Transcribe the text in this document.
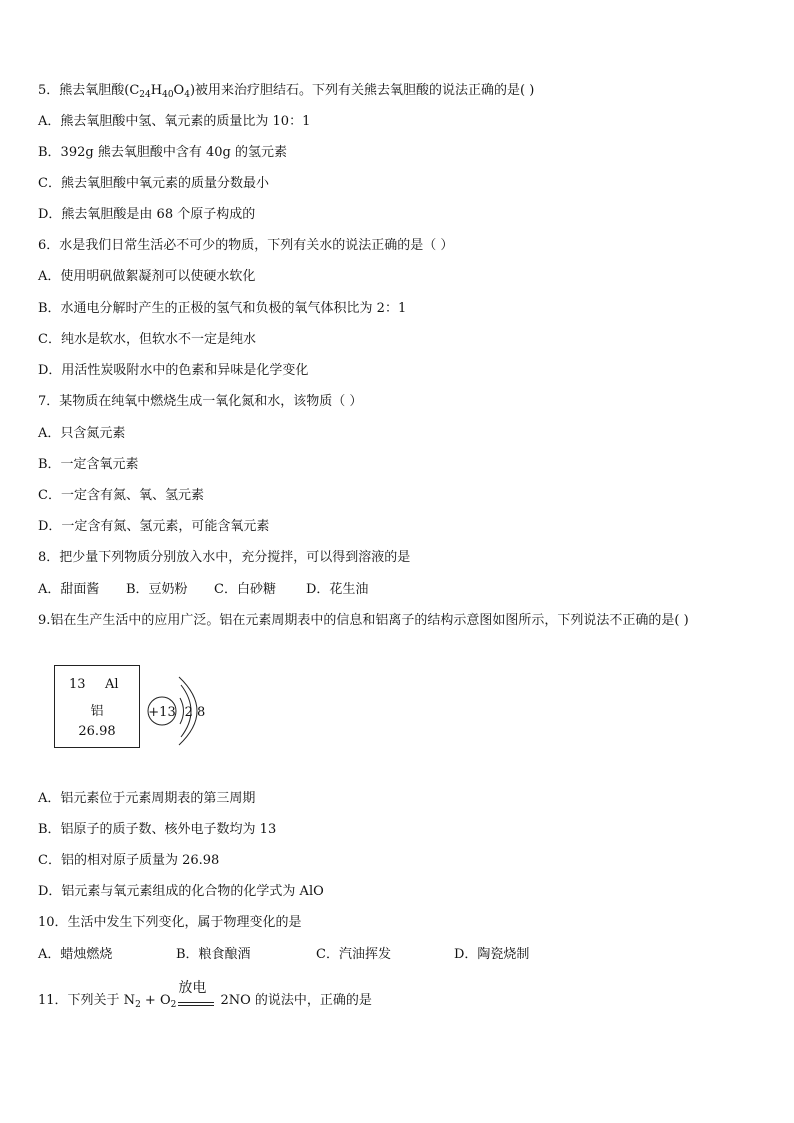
5．熊去氧胆酸$(C_{24}H_{40}O_4)$被用来治疗胆结石。下列有关熊去氧胆酸的说法正确的是( )
A．熊去氧胆酸中氢、氧元素的质量比为 10：1
B．392g 熊去氧胆酸中含有 40g 的氢元素
C．熊去氧胆酸中氧元素的质量分数最小
D．熊去氧胆酸是由 68 个原子构成的
6．水是我们日常生活必不可少的物质，下列有关水的说法正确的是（ ）
A．使用明矾做絮凝剂可以使硬水软化
B．水通电分解时产生的正极的氢气和负极的氧气体积比为 2：1
C．纯水是软水，但软水不一定是纯水
D．用活性炭吸附水中的色素和异味是化学变化
7．某物质在纯氧中燃烧生成一氧化氮和水，该物质（ ）
A．只含氮元素
B．一定含氧元素
C．一定含有氮、氧、氢元素
D．一定含有氮、氢元素，可能含氧元素
8．把少量下列物质分别放入水中，充分搅拌，可以得到溶液的是
A．甜面酱 B．豆奶粉 C．白砂糖 D．花生油
9.铝在生产生活中的应用广泛。铝在元素周期表中的信息和铝离子的结构示意图如图所示，下列说法不正确的是( )
13 Al
铝
26.98
+13 2 8
A．铝元素位于元素周期表的第三周期
B．铝原子的质子数、核外电子数均为 13
C．铝的相对原子质量为 26.98
D．铝元素与氧元素组成的化合物的化学式为 AlO
10．生活中发生下列变化，属于物理变化的是
A．蜡烛燃烧	B．粮食酿酒	C．汽油挥发	D．陶瓷烧制
11．下列关于 $N_2 + O_2$
放电
2NO 的说法中，正确的是
